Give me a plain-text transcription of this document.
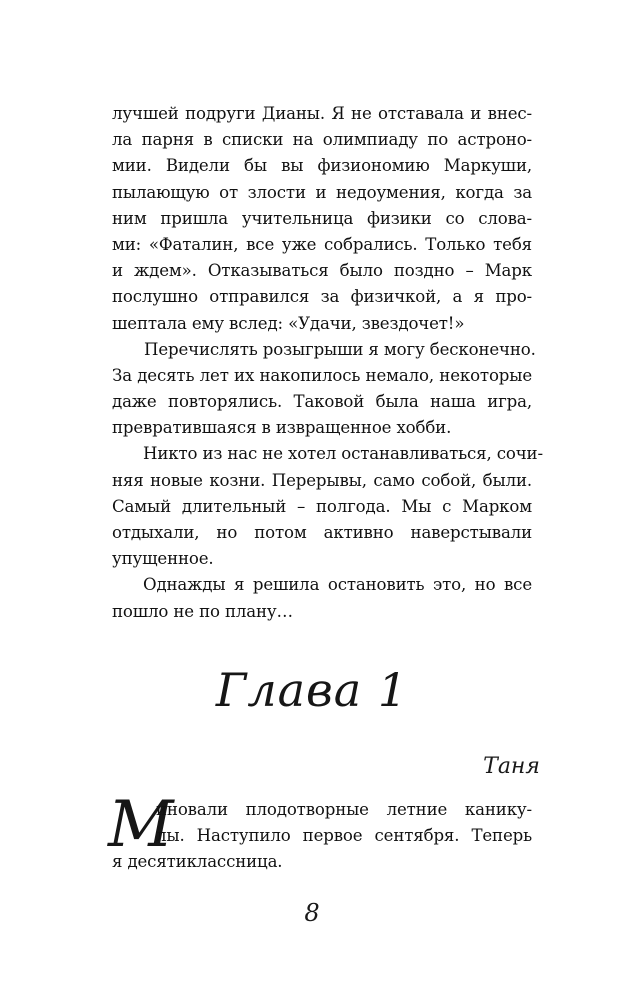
лучшей подруги Дианы. Я не отставала и внес-
ла парня в списки на олимпиаду по астроно-
мии. Видели бы вы физиономию Маркуши,
пылающую от злости и недоумения, когда за
ним пришла учительница физики со слова-
ми: «Фаталин, все уже собрались. Только тебя
и ждем». Отказываться было поздно – Марк
послушно отправился за физичкой, а я про-
шептала ему вслед: «Удачи, звездочет!»
Перечислять розыгрыши я могу бесконечно.
За десять лет их накопилось немало, некоторые
даже повторялись. Таковой была наша игра,
превратившаяся в извращенное хобби.
Никто из нас не хотел останавливаться, сочи-
няя новые козни. Перерывы, само собой, были.
Самый длительный – полгода. Мы с Марком
отдыхали, но потом активно наверстывали
упущенное.
Однажды я решила остановить это, но все
пошло не по плану…
Глава 1
Таня
М
иновали плодотворные летние канику-
лы. Наступило первое сентября. Теперь
я десятиклассница.
8
